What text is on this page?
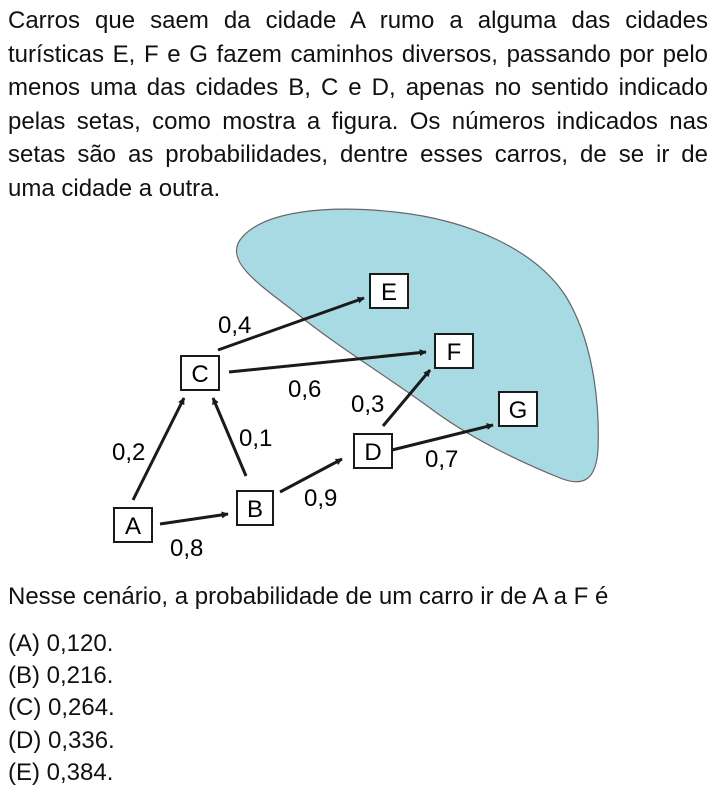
Carros que saem da cidade A rumo a alguma das cidades
turísticas E, F e G fazem caminhos diversos, passando por pelo
menos uma das cidades B, C e D, apenas no sentido indicado
pelas setas, como mostra a figura. Os números indicados nas
setas são as probabilidades, dentre esses carros, de se ir de
uma cidade a outra.
A
B
C
D
E
F
G
0,8
0,2
0,1
0,9
0,4
0,6
0,3
0,7

Nesse cenário, a probabilidade de um carro ir de A a F é

(A) 0,120.
(B) 0,216.
(C) 0,264.
(D) 0,336.
(E) 0,384.
